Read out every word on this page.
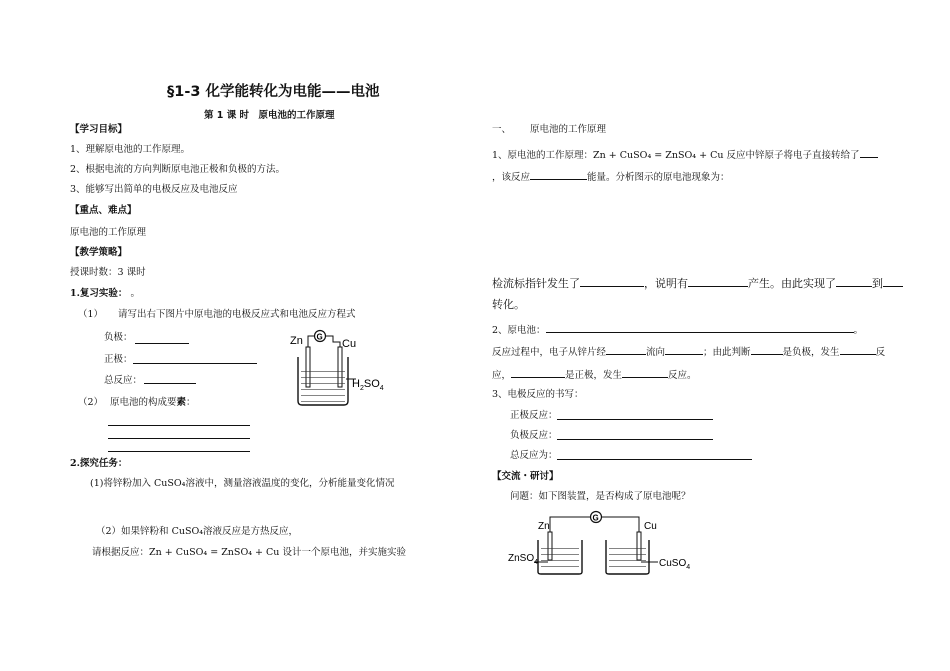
§1-3 化学能转化为电能——电池
第 1 课 时　原电池的工作原理
【学习目标】
1、理解原电池的工作原理。
2、根据电流的方向判断原电池正极和负极的方法。
3、能够写出简单的电极反应及电池反应
【重点、难点】
原电池的工作原理
【教学策略】
授课时数：3 课时
1.复习实验： 。
（1） 请写出右下图片中原电池的电极反应式和电池反应方程式
负极：
正极：
总反应：
（2） 原电池的构成要素：
2.探究任务：
(1)将锌粉加入 CuSO₄溶液中，测量溶液温度的变化，分析能量变化情况
（2）如果锌粉和 CuSO₄溶液反应是方热反应，
请根据反应：Zn + CuSO₄ = ZnSO₄ + Cu 设计一个原电池，并实施实验
Zn	Cu
G
$H_2SO_4$
一、 原电池的工作原理
1、原电池的工作原理：Zn + CuSO₄ = ZnSO₄ + Cu 反应中锌原子将电子直接转给了
，该反应	能量。分析图示的原电池现象为：
检流标指针发生了	，说明有	产生。由此实现了	到
转化。
2、原电池：	。
反应过程中，电子从锌片经	流向	；由此判断	是负极，发生	反
应，	是正极，发生	反应。
3、电极反应的书写：
正极反应：
负极反应：
总反应为：
【交流・研讨】
问题：如下图装置，是否构成了原电池呢？
Zn	Cu
G
ZnSO$_4$	CuSO$_4$
